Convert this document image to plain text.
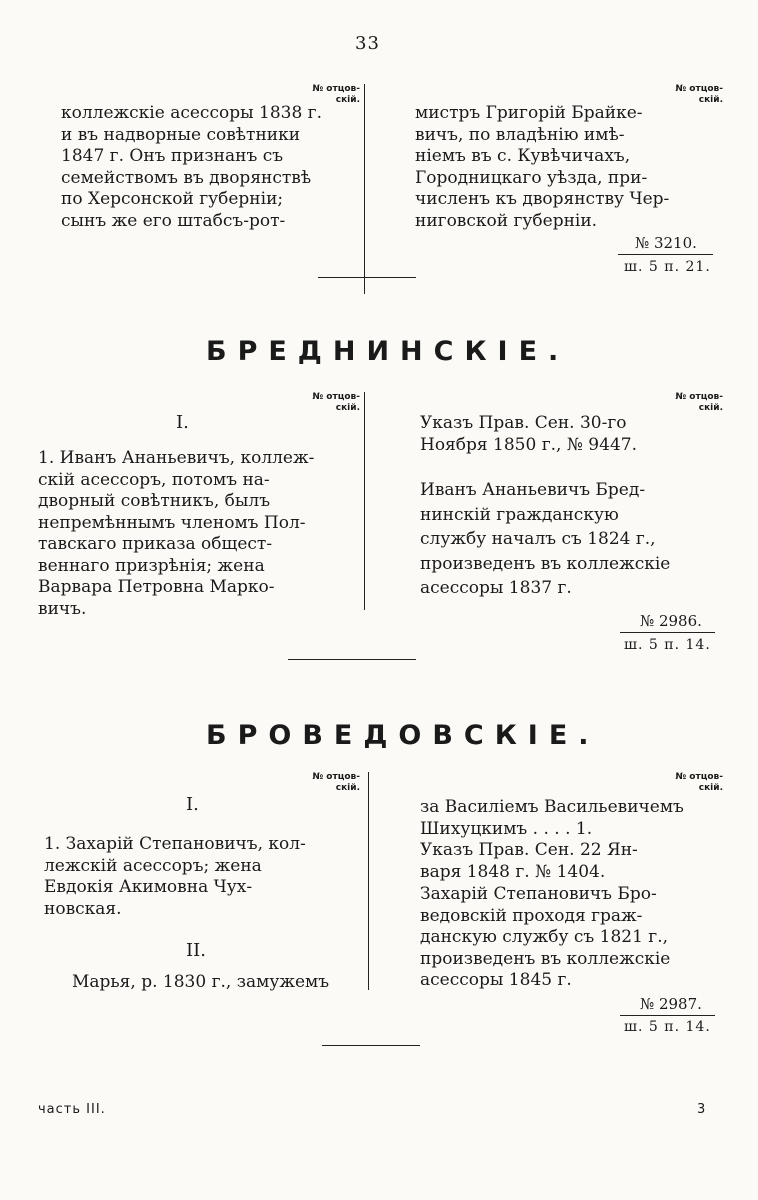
33
№ отцов-
скій.
коллежскіе асессоры 1838 г.
и въ надворные совѣтники
1847 г. Онъ признанъ съ
семействомъ въ дворянствѣ
по Херсонской губерніи;
сынъ же его штабсъ-рот-
№ отцов-
скій.
мистръ Григорій Брайке-
вичъ, по владѣнію имѣ-
ніемъ въ с. Кувѣчичахъ,
Городницкаго уѣзда, при-
численъ къ дворянству Чер-
ниговской губерніи.
№ 3210.
ш. 5 п. 21.
БРЕДНИНСКІЕ.
№ отцов-
скій.
I.
1. Иванъ Ананьевичъ, коллеж-
скій асессоръ, потомъ на-
дворный совѣтникъ, былъ
непремѣннымъ членомъ Пол-
тавскаго приказа общест-
веннаго призрѣнія; жена
Варвара Петровна Марко-
вичъ.
№ отцов-
скій.
Указъ Прав. Сен. 30-го
Ноября 1850 г., № 9447.
Иванъ Ананьевичъ Бред-
нинскій гражданскую
службу началъ съ 1824 г.,
произведенъ въ коллежскіе
асессоры 1837 г.
№ 2986.
ш. 5 п. 14.
БРОВЕДОВСКІЕ.
№ отцов-
скій.
I.
1. Захарій Степановичъ, кол-
лежскій асессоръ; жена
Евдокія Акимовна Чух-
новская.
II.
Марья, р. 1830 г., замужемъ
№ отцов-
скій.
за Василіемъ Васильевичемъ
Шихуцкимъ . . . . 1.
Указъ Прав. Сен. 22 Ян-
варя 1848 г. № 1404.
Захарій Степановичъ Бро-
ведовскій проходя граж-
данскую службу съ 1821 г.,
произведенъ въ коллежскіе
асессоры 1845 г.
№ 2987.
ш. 5 п. 14.
часть III.	3
